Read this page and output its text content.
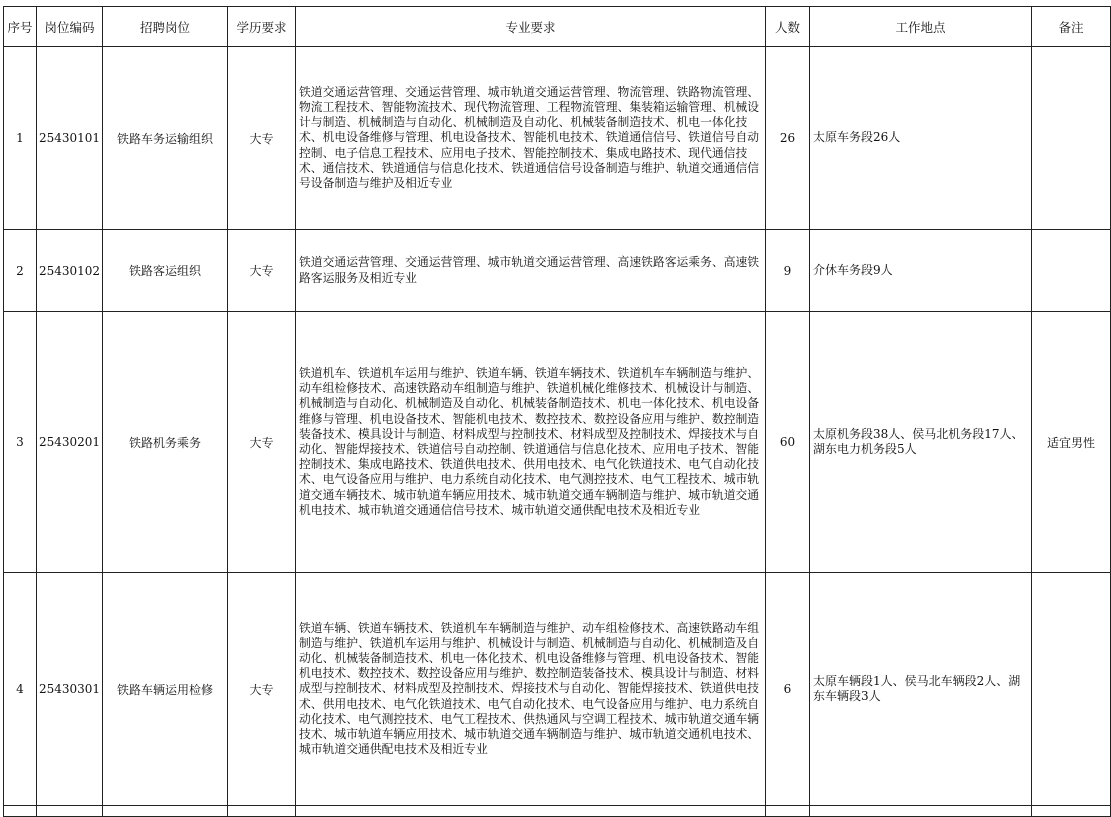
序号	岗位编码	招聘岗位	学历要求	专业要求	人数	工作地点	备注
1	25430101	铁路车务运输组织	大专	铁道交通运营管理、交通运营管理、城市轨道交通运营管理、物流管理、铁路物流管理、物流工程技术、智能物流技术、现代物流管理、工程物流管理、集装箱运输管理、机械设计与制造、机械制造与自动化、机械制造及自动化、机械装备制造技术、机电一体化技术、机电设备维修与管理、机电设备技术、智能机电技术、铁道通信信号、铁道信号自动控制、电子信息工程技术、应用电子技术、智能控制技术、集成电路技术、现代通信技术、通信技术、铁道通信与信息化技术、铁道通信信号设备制造与维护、轨道交通通信信号设备制造与维护及相近专业	26	太原车务段26人	
2	25430102	铁路客运组织	大专	铁道交通运营管理、交通运营管理、城市轨道交通运营管理、高速铁路客运乘务、高速铁路客运服务及相近专业	9	介休车务段9人	
3	25430201	铁路机务乘务	大专	铁道机车、铁道机车运用与维护、铁道车辆、铁道车辆技术、铁道机车车辆制造与维护、动车组检修技术、高速铁路动车组制造与维护、铁道机械化维修技术、机械设计与制造、机械制造与自动化、机械制造及自动化、机械装备制造技术、机电一体化技术、机电设备维修与管理、机电设备技术、智能机电技术、数控技术、数控设备应用与维护、数控制造装备技术、模具设计与制造、材料成型与控制技术、材料成型及控制技术、焊接技术与自动化、智能焊接技术、铁道信号自动控制、铁道通信与信息化技术、应用电子技术、智能控制技术、集成电路技术、铁道供电技术、供用电技术、电气化铁道技术、电气自动化技术、电气设备应用与维护、电力系统自动化技术、电气测控技术、电气工程技术、城市轨道交通车辆技术、城市轨道车辆应用技术、城市轨道交通车辆制造与维护、城市轨道交通机电技术、城市轨道交通通信信号技术、城市轨道交通供配电技术及相近专业	60	太原机务段38人、侯马北机务段17人、湖东电力机务段5人	适宜男性
4	25430301	铁路车辆运用检修	大专	铁道车辆、铁道车辆技术、铁道机车车辆制造与维护、动车组检修技术、高速铁路动车组制造与维护、铁道机车运用与维护、机械设计与制造、机械制造与自动化、机械制造及自动化、机械装备制造技术、机电一体化技术、机电设备维修与管理、机电设备技术、智能机电技术、数控技术、数控设备应用与维护、数控制造装备技术、模具设计与制造、材料成型与控制技术、材料成型及控制技术、焊接技术与自动化、智能焊接技术、铁道供电技术、供用电技术、电气化铁道技术、电气自动化技术、电气设备应用与维护、电力系统自动化技术、电气测控技术、电气工程技术、供热通风与空调工程技术、城市轨道交通车辆技术、城市轨道车辆应用技术、城市轨道交通车辆制造与维护、城市轨道交通机电技术、城市轨道交通供配电技术及相近专业	6	太原车辆段1人、侯马北车辆段2人、湖东车辆段3人	
